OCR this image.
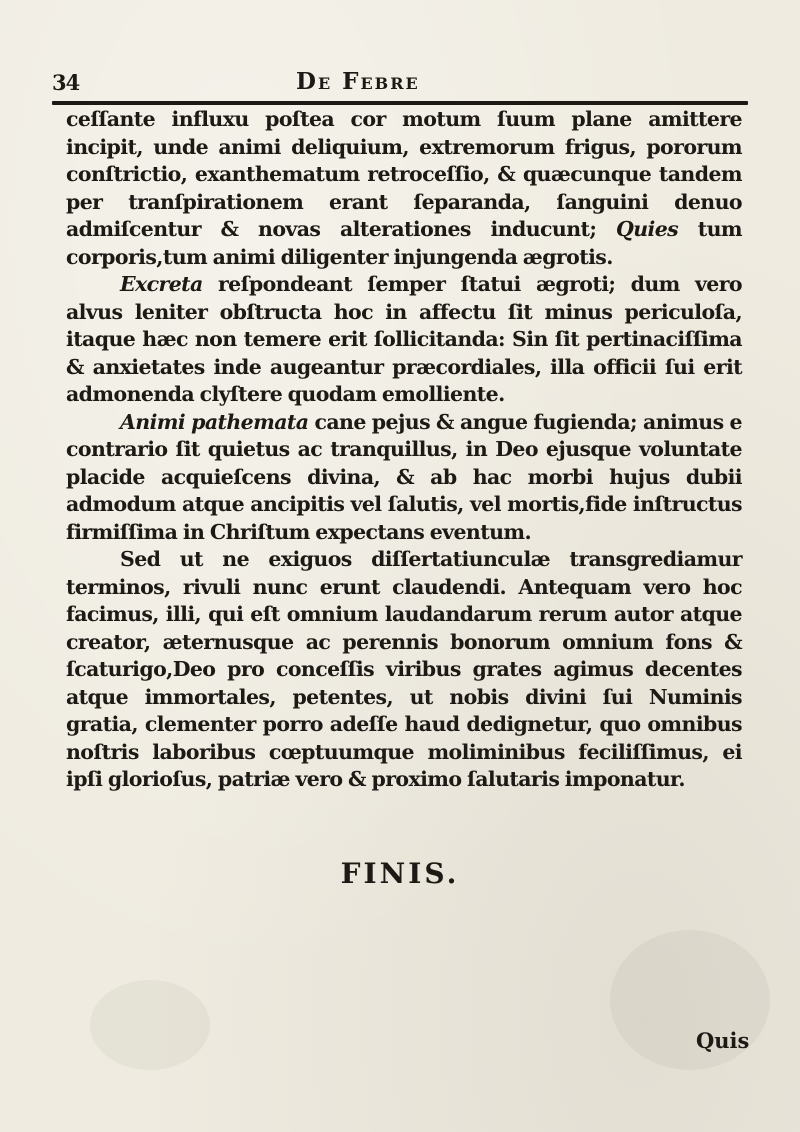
34	De Febre

ceſſante influxu poſtea cor motum ſuum plane amittere incipit, unde animi deliquium, extremorum frigus, pororum conſtrictio, exanthematum retroceſſio, & quæcunque tandem per tranſpirationem erant ſeparanda, ſanguini denuo admiſcentur & novas alterationes inducunt; Quies tum corporis,tum animi diligenter injungenda ægrotis.

Excreta reſpondeant ſemper ſtatui ægroti; dum vero alvus leniter obſtructa hoc in affectu ſit minus periculoſa, itaque hæc non temere erit ſollicitanda: Sin ſit pertinaciſſima & anxietates inde augeantur præcordiales, illa officii ſui erit admonenda clyſtere quodam emolliente.

Animi pathemata cane pejus & angue fugienda; animus e contrario ſit quietus ac tranquillus, in Deo ejusque voluntate placide acquieſcens divina, & ab hac morbi hujus dubii admodum atque ancipitis vel ſalutis, vel mortis,fide inſtructus firmiſſima in Chriſtum expectans eventum.

Sed ut ne exiguos diſſertatiunculæ transgrediamur terminos, rivuli nunc erunt claudendi. Antequam vero hoc facimus, illi, qui eſt omnium laudandarum rerum autor atque creator, æternusque ac perennis bonorum omnium fons & ſcaturigo,Deo pro conceſſis viribus grates agimus decentes atque immortales, petentes, ut nobis divini ſui Numinis gratia, clementer porro adeſſe haud dedignetur, quo omnibus noſtris laboribus cœptuumque moliminibus feciliſſimus, ei ipſi glorioſus, patriæ vero & proximo ſalutaris imponatur.

FINIS.
Quis
